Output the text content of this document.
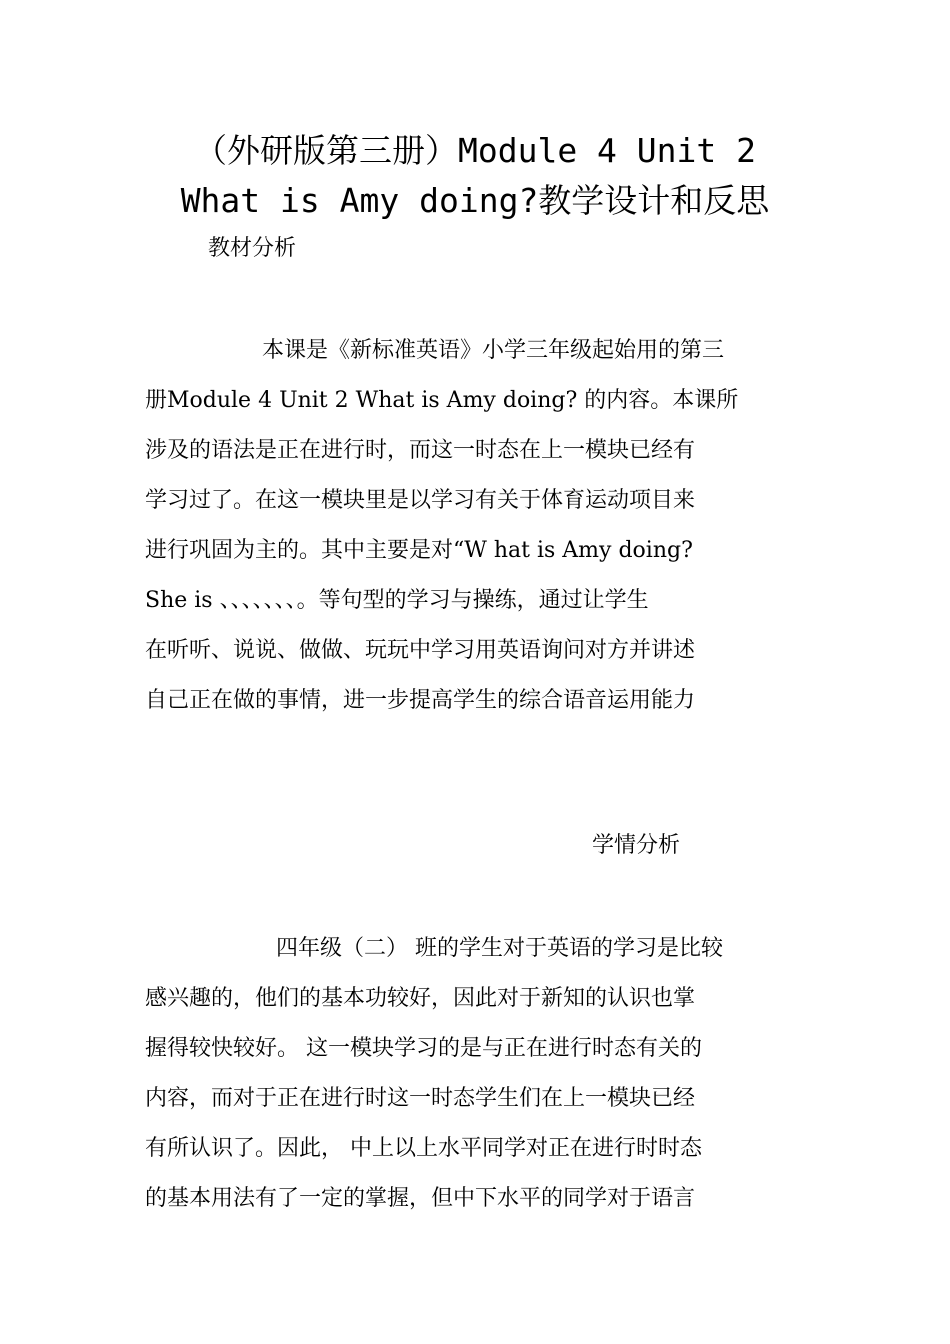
（外研版第三册）Module 4 Unit 2
What is Amy doing?教学设计和反思
教材分析
本课是《新标准英语》小学三年级起始用的第三
册Module 4 Unit 2 What is Amy doing? 的内容。本课所
涉及的语法是正在进行时，而这一时态在上一模块已经有
学习过了。在这一模块里是以学习有关于体育运动项目来
进行巩固为主的。其中主要是对“W hat is Amy doing?
She is 、、、、、、、。等句型的学习与操练，通过让学生
在听听、说说、做做、玩玩中学习用英语询问对方并讲述
自己正在做的事情，进一步提高学生的综合语音运用能力
学情分析
四年级（二） 班的学生对于英语的学习是比较
感兴趣的，他们的基本功较好，因此对于新知的认识也掌
握得较快较好。 这一模块学习的是与正在进行时态有关的
内容，而对于正在进行时这一时态学生们在上一模块已经
有所认识了。因此， 中上以上水平同学对正在进行时时态
的基本用法有了一定的掌握，但中下水平的同学对于语言
